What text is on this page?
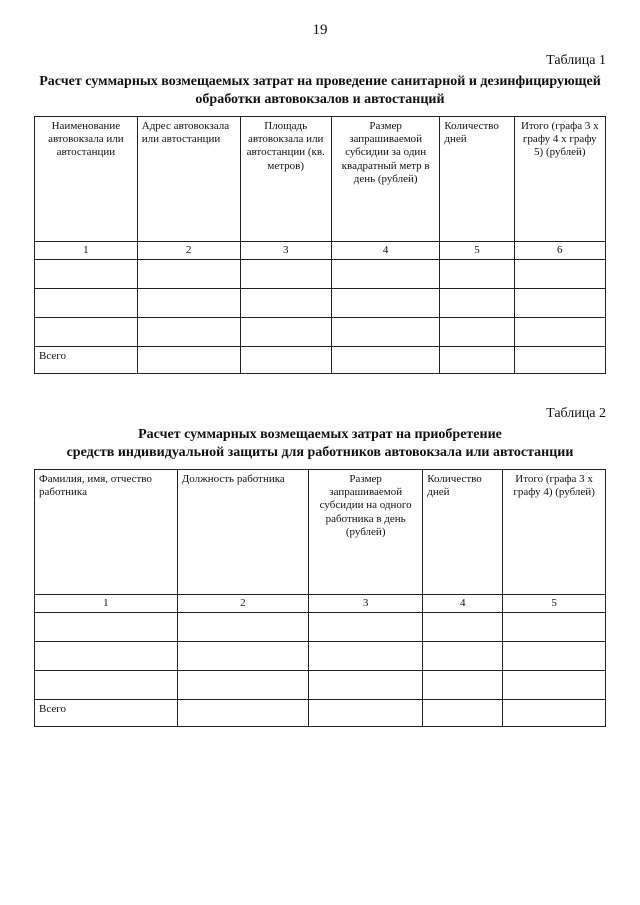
19
Таблица 1
Расчет суммарных возмещаемых затрат на проведение санитарной и дезинфицирующей
обработки автовокзалов и автостанций
Наименование автовокзала или автостанции	Адрес автовокзала или автостанции	Площадь автовокзала или автостанции (кв. метров)	Размер запрашиваемой субсидии за один квадратный метр в день (рублей)	Количество дней	Итого (графа 3 x графу 4 x графу 5) (рублей)
1	2	3	4	5	6

Всего					
Таблица 2
Расчет суммарных возмещаемых затрат на приобретение
средств индивидуальной защиты для работников автовокзала или автостанции
Фамилия, имя, отчество работника	Должность работника	Размер запрашиваемой субсидии на одного работника в день (рублей)	Количество дней	Итого (графа 3 x графу 4) (рублей)
1	2	3	4	5

Всего				
